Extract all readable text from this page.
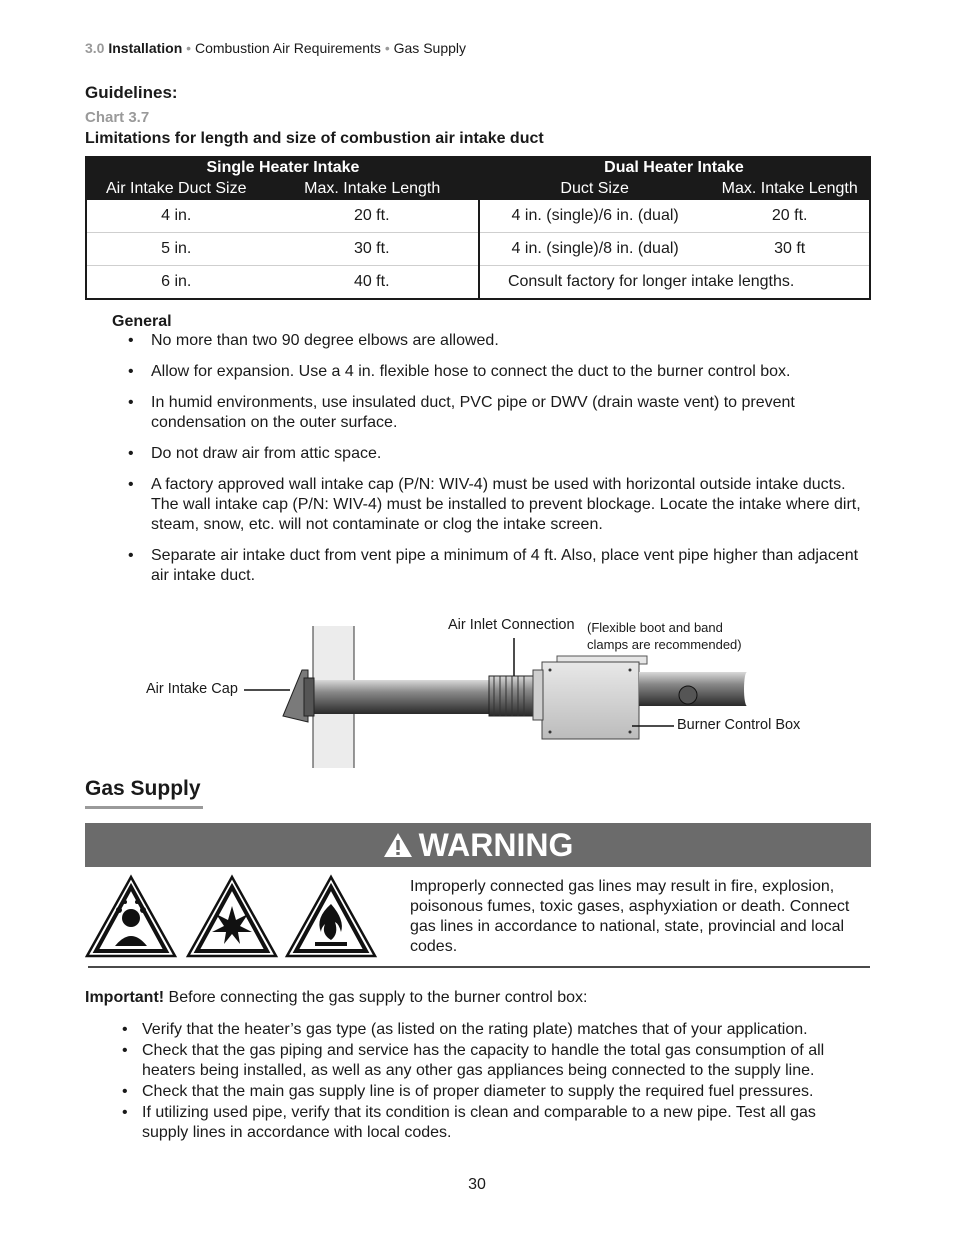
3.0 Installation • Combustion Air Requirements • Gas Supply
Guidelines:
Chart 3.7
Limitations for length and size of combustion air intake duct
Single Heater Intake		Dual Heater Intake	
Air Intake Duct Size	Max. Intake Length	Duct Size	Max. Intake Length
4 in.	20 ft.	4 in. (single)/6 in. (dual)	20 ft.
5 in.	30 ft.	4 in. (single)/8 in. (dual)	30 ft
6 in.	40 ft.	Consult factory for longer intake lengths.	
General
• No more than two 90 degree elbows are allowed.
• Allow for expansion. Use a 4 in. flexible hose to connect the duct to the burner control box.
• In humid environments, use insulated duct, PVC pipe or DWV (drain waste vent) to prevent condensation on the outer surface.
• Do not draw air from attic space.
• A factory approved wall intake cap (P/N: WIV-4) must be used with horizontal outside intake ducts. The wall intake cap (P/N: WIV-4) must be installed to prevent blockage. Locate the intake where dirt, steam, snow, etc. will not contaminate or clog the intake screen.
• Separate air intake duct from vent pipe a minimum of 4 ft. Also, place vent pipe higher than adjacent air intake duct.
Air Inlet Connection (Flexible boot and band
clamps are recommended)
Air Intake Cap
Burner Control Box
Gas Supply
WARNING
Improperly connected gas lines may result in fire, explosion, poisonous fumes, toxic gases, asphyxiation or death. Connect gas lines in accordance to national, state, provincial and local codes.
Important! Before connecting the gas supply to the burner control box:
• Verify that the heater’s gas type (as listed on the rating plate) matches that of your application.
• Check that the gas piping and service has the capacity to handle the total gas consumption of all heaters being installed, as well as any other gas appliances being connected to the supply line.
• Check that the main gas supply line is of proper diameter to supply the required fuel pressures.
• If utilizing used pipe, verify that its condition is clean and comparable to a new pipe. Test all gas supply lines in accordance with local codes.
30
